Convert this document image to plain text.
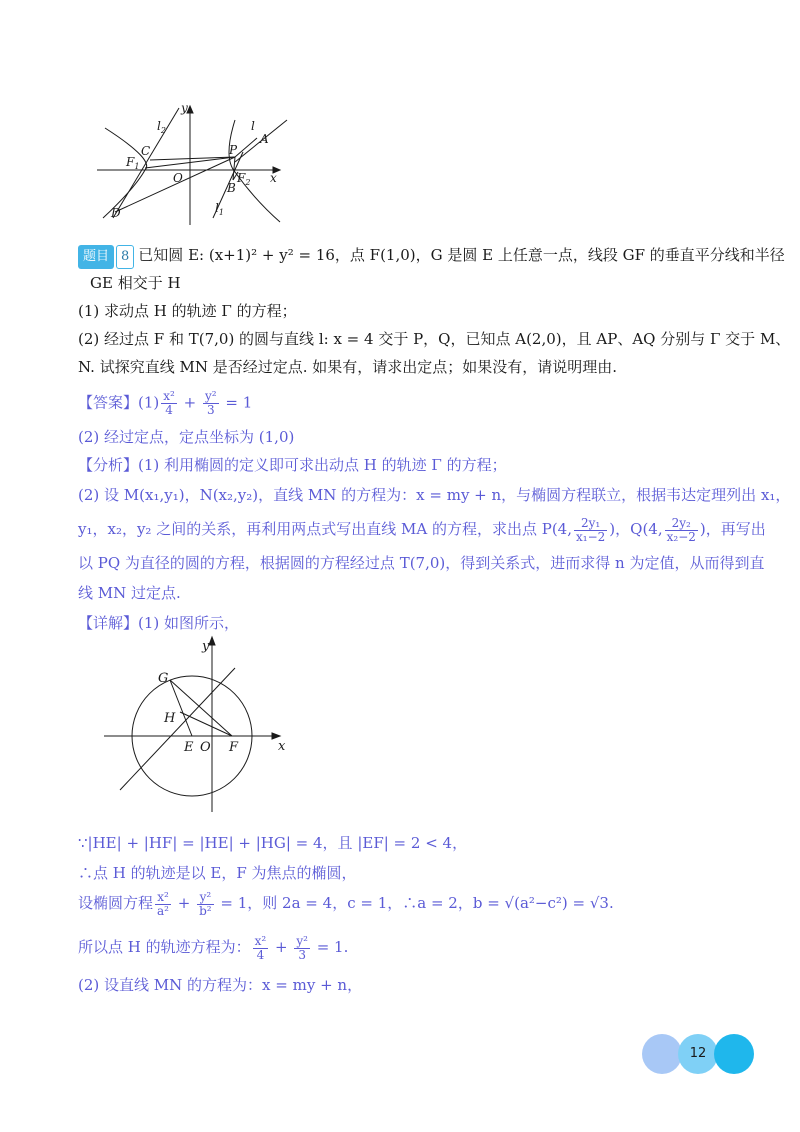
y
$l_2$	l
A
P
C
$F_1$
O	x
B
$F_2$
D	$l_1$
题目 8 已知圆 E: (x+1)² + y² = 16，点 F(1,0)，G 是圆 E 上任意一点，线段 GF 的垂直平分线和半径
GE 相交于 H
(1) 求动点 H 的轨迹 Γ 的方程；
(2) 经过点 F 和 T(7,0) 的圆与直线 l: x = 4 交于 P，Q，已知点 A(2,0)，且 AP、AQ 分别与 Γ 交于 M、
N. 试探究直线 MN 是否经过定点. 如果有，请求出定点；如果没有，请说明理由.
【答案】$(1) \frac{\text{x²}}{4} + \frac{\text{y²}}{3} = 1$
(2) 经过定点，定点坐标为 (1,0)
【分析】(1) 利用椭圆的定义即可求出动点 H 的轨迹 Γ 的方程；
(2) 设 M(x₁,y₁)，N(x₂,y₂)，直线 MN 的方程为：x = my + n，与椭圆方程联立，根据韦达定理列出 x₁，
y₁，x₂，y₂ 之间的关系，再利用两点式写出直线 MA 的方程，求出点 P(4, $\frac{\text{2y₁}}{\text{x₁−2}}$ )，Q(4, $\frac{\text{2y₂}}{\text{x₂−2}}$ )，再写出
以 PQ 为直径的圆的方程，根据圆的方程经过点 T(7,0)，得到关系式，进而求得 n 为定值，从而得到直
线 MN 过定点.
【详解】(1) 如图所示，
y
G
H
E O F	x
∵|HE| + |HF| = |HE| + |HG| = 4，且 |EF| = 2 < 4，
∴点 H 的轨迹是以 E，F 为焦点的椭圆，
设椭圆方程 $\frac{\text{x²}}{\text{a²}} + \frac{\text{y²}}{\text{b²}} = 1$，则 2a = 4，c = 1，∴a = 2，b = √(a²−c²) = √3.
所以点 H 的轨迹方程为： $\frac{\text{x²}}{4} + \frac{\text{y²}}{3} = 1$.
(2) 设直线 MN 的方程为：x = my + n，
12
